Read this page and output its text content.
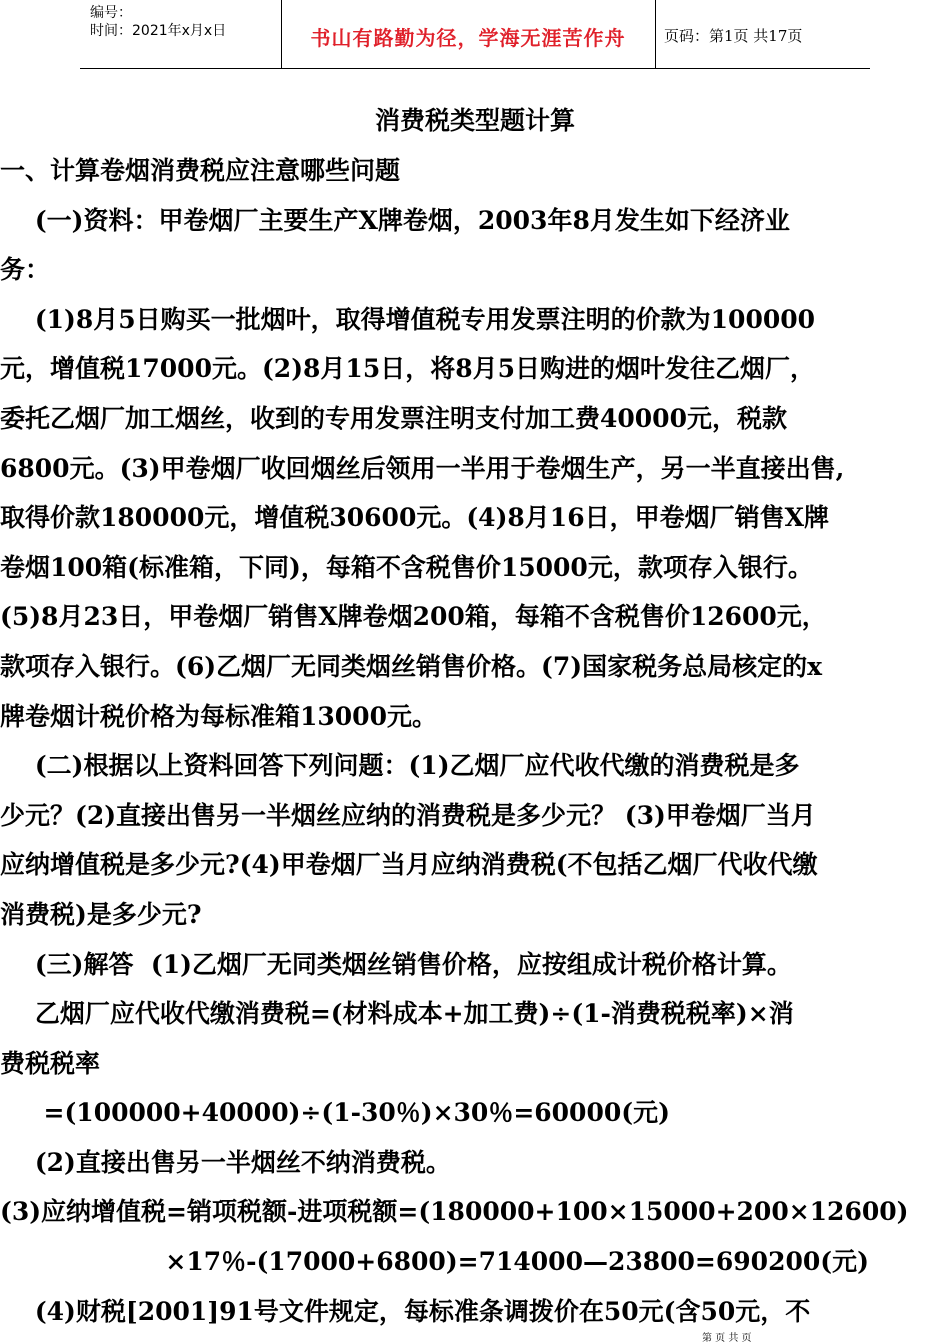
编号：
时间：2021年x月x日	书山有路勤为径，学海无涯苦作舟	页码：第1页 共17页
消费税类型题计算
一、计算卷烟消费税应注意哪些问题
(一)资料：甲卷烟厂主要生产X牌卷烟，2003年8月发生如下经济业
务：
(1)8月5日购买一批烟叶，取得增值税专用发票注明的价款为100000
元，增值税17000元。(2)8月15日，将8月5日购进的烟叶发往乙烟厂，
委托乙烟厂加工烟丝，收到的专用发票注明支付加工费40000元，税款
6800元。(3)甲卷烟厂收回烟丝后领用一半用于卷烟生产，另一半直接出售,
取得价款180000元，增值税30600元。(4)8月16日，甲卷烟厂销售X牌
卷烟100箱(标准箱，下同)，每箱不含税售价15000元，款项存入银行。
(5)8月23日，甲卷烟厂销售X牌卷烟200箱，每箱不含税售价12600元，
款项存入银行。(6)乙烟厂无同类烟丝销售价格。(7)国家税务总局核定的x
牌卷烟计税价格为每标准箱13000元。
(二)根据以上资料回答下列问题：(1)乙烟厂应代收代缴的消费税是多
少元？(2)直接出售另一半烟丝应纳的消费税是多少元？ (3)甲卷烟厂当月
应纳增值税是多少元?(4)甲卷烟厂当月应纳消费税(不包括乙烟厂代收代缴
消费税)是多少元?
(三)解答  (1)乙烟厂无同类烟丝销售价格，应按组成计税价格计算。
乙烟厂应代收代缴消费税=(材料成本+加工费)÷(1-消费税税率)×消
费税税率
=(100000+40000)÷(1-30％)×30％=60000(元)
(2)直接出售另一半烟丝不纳消费税。
(3)应纳增值税=销项税额-进项税额=(180000+100×15000+200×12600)
×17％-(17000+6800)=714000—23800=690200(元)
(4)财税[2001]91号文件规定，每标准条调拨价在50元(含50元，不
第 页 共 页
